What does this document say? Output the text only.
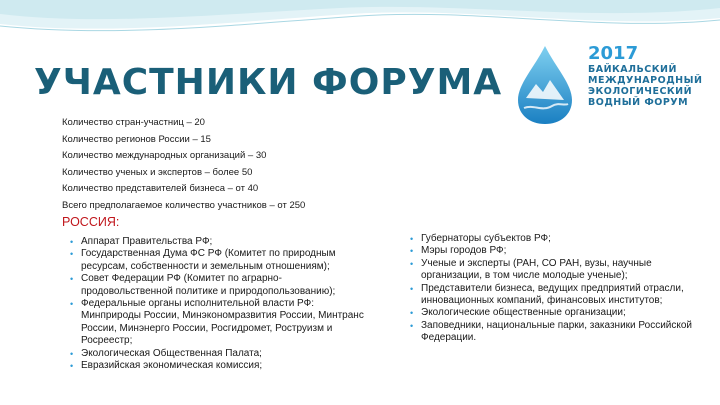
УЧАСТНИКИ ФОРУМА
2017
БАЙКАЛЬСКИЙ
МЕЖДУНАРОДНЫЙ
ЭКОЛОГИЧЕСКИЙ
ВОДНЫЙ ФОРУМ
Количество стран-участниц – 20
Количество регионов России – 15
Количество международных организаций – 30
Количество ученых и экспертов – более 50
Количество представителей бизнеса – от 40
Всего предполагаемое количество участников – от 250
РОССИЯ:
• Аппарат Правительства РФ;
• Государственная Дума ФС РФ (Комитет по природным ресурсам, собственности и земельным отношениям);
• Совет Федерации РФ (Комитет по аграрно-продовольственной политике и природопользованию);
• Федеральные органы исполнительной власти РФ: Минприроды России, Минэкономразвития России, Минтранс России, Минэнерго России, Росгидромет, Роструизм и Росреестр;
• Экологическая Общественная Палата;
• Евразийская экономическая комиссия;
• Губернаторы субъектов РФ;
• Мэры городов РФ;
• Ученые и эксперты (РАН, СО РАН, вузы, научные организации, в том числе молодые ученые);
• Представители бизнеса, ведущих предприятий отрасли, инновационных компаний, финансовых институтов;
• Экологические общественные организации;
• Заповедники, национальные парки, заказники Российской Федерации.
